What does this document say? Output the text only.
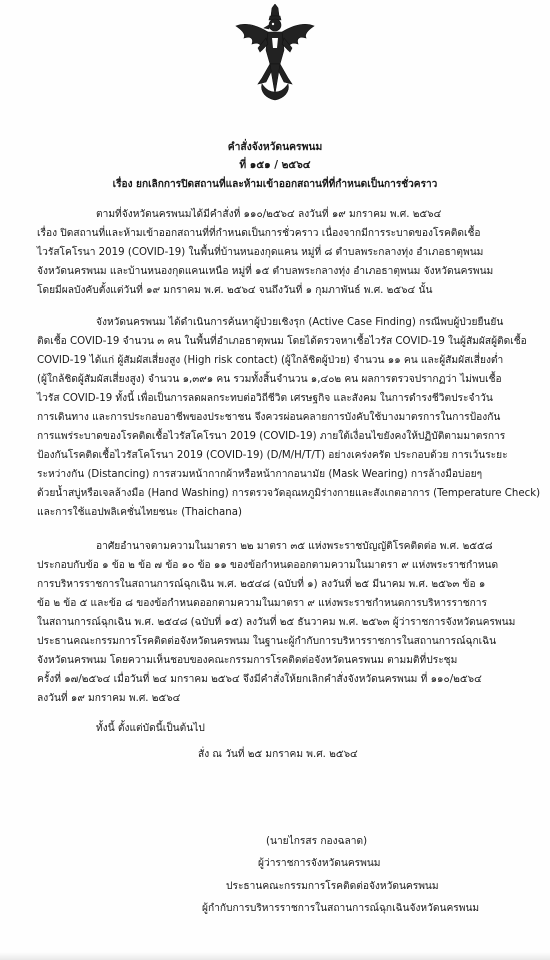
คำสั่งจังหวัดนครพนม
ที่ ๑๕๑ / ๒๕๖๔
เรื่อง ยกเลิกการปิดสถานที่และห้ามเข้าออกสถานที่ที่กำหนดเป็นการชั่วคราว
ตามที่จังหวัดนครพนมได้มีคำสั่งที่ ๑๑๐/๒๕๖๔ ลงวันที่ ๑๙ มกราคม พ.ศ. ๒๕๖๔
เรื่อง ปิดสถานที่และห้ามเข้าออกสถานที่ที่กำหนดเป็นการชั่วคราว เนื่องจากมีการระบาดของโรคติดเชื้อ
ไวรัสโคโรนา 2019 (COVID-19) ในพื้นที่บ้านหนองกุดแคน หมู่ที่ ๘ ตำบลพระกลางทุ่ง อำเภอธาตุพนม
จังหวัดนครพนม และบ้านหนองกุดแคนเหนือ หมู่ที่ ๑๕ ตำบลพระกลางทุ่ง อำเภอธาตุพนม จังหวัดนครพนม
โดยมีผลบังคับตั้งแต่วันที่ ๑๙ มกราคม พ.ศ. ๒๕๖๔ จนถึงวันที่ ๑ กุมภาพันธ์ พ.ศ. ๒๕๖๔ นั้น
จังหวัดนครพนม ได้ดำเนินการค้นหาผู้ป่วยเชิงรุก (Active Case Finding) กรณีพบผู้ป่วยยืนยัน
ติดเชื้อ COVID-19 จำนวน ๓ คน ในพื้นที่อำเภอธาตุพนม โดยได้ตรวจหาเชื้อไวรัส COVID-19 ในผู้สัมผัสผู้ติดเชื้อ
COVID-19 ได้แก่ ผู้สัมผัสเสี่ยงสูง (High risk contact) (ผู้ใกล้ชิดผู้ป่วย) จำนวน ๑๑ คน และผู้สัมผัสเสี่ยงต่ำ
(ผู้ใกล้ชิดผู้สัมผัสเสี่ยงสูง) จำนวน ๑,๓๙๑ คน รวมทั้งสิ้นจำนวน ๑,๔๐๒ คน ผลการตรวจปรากฏว่า ไม่พบเชื้อ
ไวรัส COVID-19 ทั้งนี้ เพื่อเป็นการลดผลกระทบต่อวิถีชีวิต เศรษฐกิจ และสังคม ในการดำรงชีวิตประจำวัน
การเดินทาง และการประกอบอาชีพของประชาชน จึงควรผ่อนคลายการบังคับใช้บางมาตรการในการป้องกัน
การแพร่ระบาดของโรคติดเชื้อไวรัสโคโรนา 2019 (COVID-19) ภายใต้เงื่อนไขยังคงให้ปฏิบัติตามมาตรการ
ป้องกันโรคติดเชื้อไวรัสโคโรนา 2019 (COVID-19) (D/M/H/T/T) อย่างเคร่งครัด ประกอบด้วย การเว้นระยะ
ระหว่างกัน (Distancing) การสวมหน้ากากผ้าหรือหน้ากากอนามัย (Mask Wearing) การล้างมือบ่อยๆ
ด้วยน้ำสบู่หรือเจลล้างมือ (Hand Washing) การตรวจวัดอุณหภูมิร่างกายและสังเกตอาการ (Temperature Check)
และการใช้แอปพลิเคชั่นไทยชนะ (Thaichana)
อาศัยอำนาจตามความในมาตรา ๒๒ มาตรา ๓๕ แห่งพระราชบัญญัติโรคติดต่อ พ.ศ. ๒๕๕๘
ประกอบกับข้อ ๑ ข้อ ๒ ข้อ ๗ ข้อ ๑๐ ข้อ ๑๑ ของข้อกำหนดออกตามความในมาตรา ๙ แห่งพระราชกำหนด
การบริหารราชการในสถานการณ์ฉุกเฉิน พ.ศ. ๒๕๔๘ (ฉบับที่ ๑) ลงวันที่ ๒๕ มีนาคม พ.ศ. ๒๕๖๓ ข้อ ๑
ข้อ ๒ ข้อ ๕ และข้อ ๘ ของข้อกำหนดออกตามความในมาตรา ๙ แห่งพระราชกำหนดการบริหารราชการ
ในสถานการณ์ฉุกเฉิน พ.ศ. ๒๕๔๘ (ฉบับที่ ๑๕) ลงวันที่ ๒๕ ธันวาคม พ.ศ. ๒๕๖๓ ผู้ว่าราชการจังหวัดนครพนม
ประธานคณะกรรมการโรคติดต่อจังหวัดนครพนม ในฐานะผู้กำกับการบริหารราชการในสถานการณ์ฉุกเฉิน
จังหวัดนครพนม โดยความเห็นชอบของคณะกรรมการโรคติดต่อจังหวัดนครพนม ตามมติที่ประชุม
ครั้งที่ ๑๗/๒๕๖๔ เมื่อวันที่ ๒๔ มกราคม ๒๕๖๔ จึงมีคำสั่งให้ยกเลิกคำสั่งจังหวัดนครพนม ที่ ๑๑๐/๒๕๖๔
ลงวันที่ ๑๙ มกราคม พ.ศ. ๒๕๖๔
ทั้งนี้ ตั้งแต่บัดนี้เป็นต้นไป
สั่ง ณ วันที่ ๒๕ มกราคม พ.ศ. ๒๕๖๔
(นายไกรสร กองฉลาด)
ผู้ว่าราชการจังหวัดนครพนม
ประธานคณะกรรมการโรคติดต่อจังหวัดนครพนม
ผู้กำกับการบริหารราชการในสถานการณ์ฉุกเฉินจังหวัดนครพนม
